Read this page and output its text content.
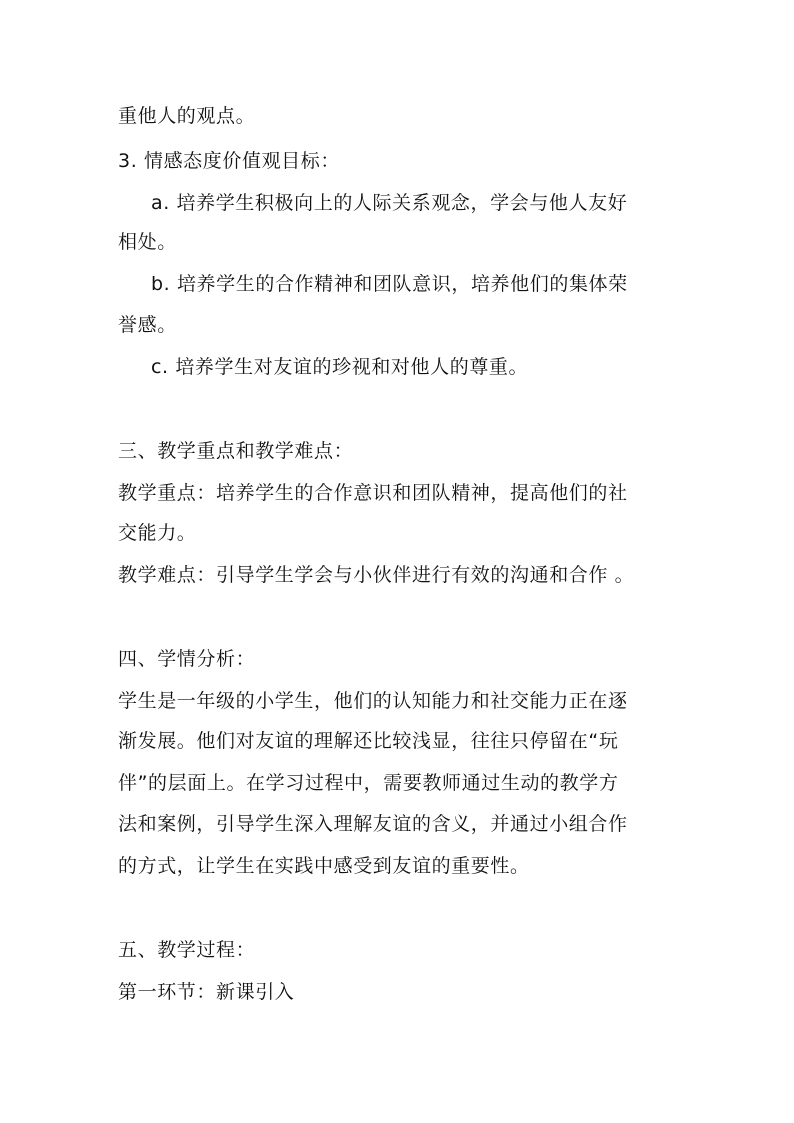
重他人的观点。
3. 情感态度价值观目标：
a. 培养学生积极向上的人际关系观念，学会与他人友好
相处。
b. 培养学生的合作精神和团队意识，培养他们的集体荣
誉感。
c. 培养学生对友谊的珍视和对他人的尊重。
三、教学重点和教学难点：
教学重点：培养学生的合作意识和团队精神，提高他们的社
交能力。
教学难点：引导学生学会与小伙伴进行有效的沟通和合作 。
四、学情分析：
学生是一年级的小学生，他们的认知能力和社交能力正在逐
渐发展。他们对友谊的理解还比较浅显，往往只停留在“玩
伴”的层面上。在学习过程中，需要教师通过生动的教学方
法和案例，引导学生深入理解友谊的含义，并通过小组合作
的方式，让学生在实践中感受到友谊的重要性。
五、教学过程：
第一环节：新课引入
